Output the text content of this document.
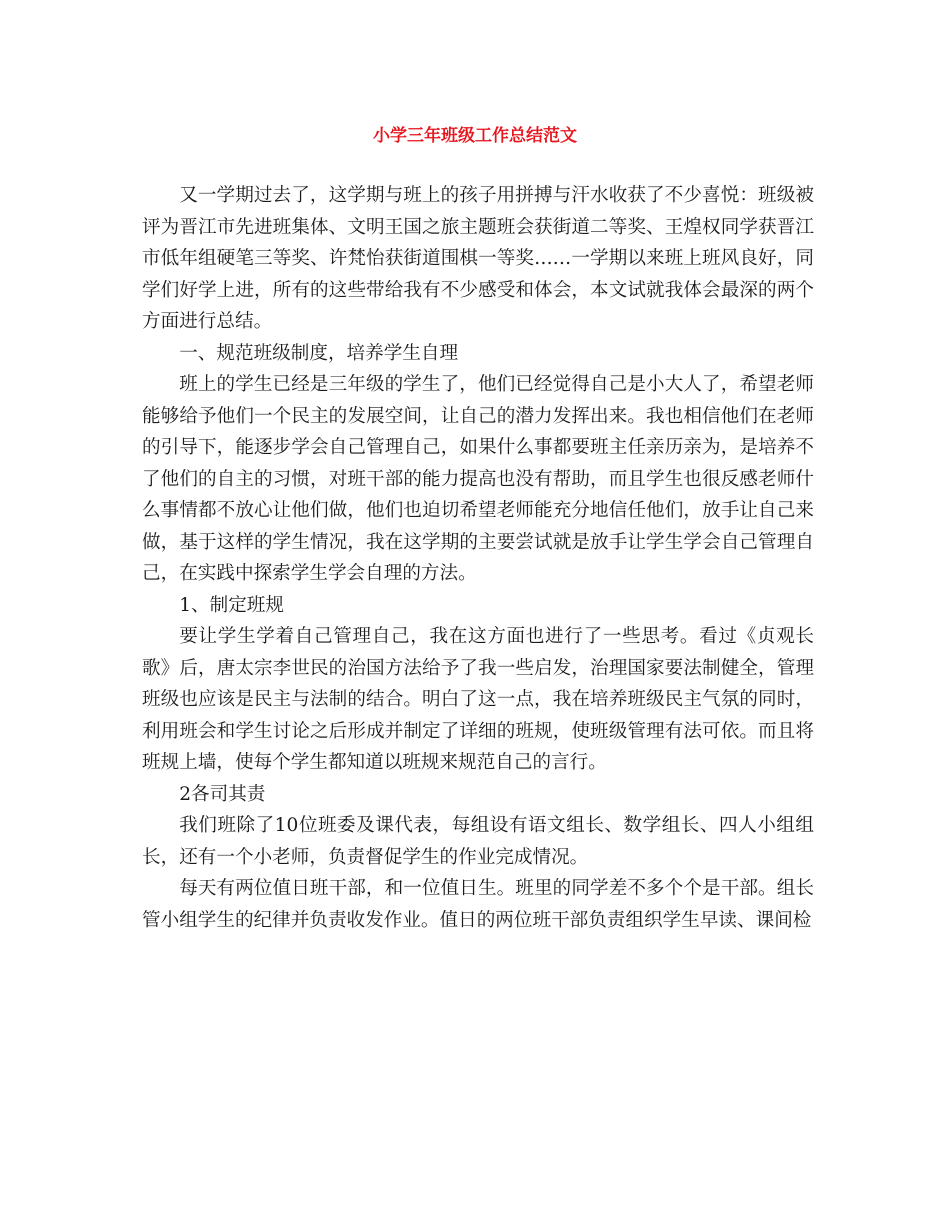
小学三年班级工作总结范文

又一学期过去了，这学期与班上的孩子用拼搏与汗水收获了不少喜悦：班级被评为晋江市先进班集体、文明王国之旅主题班会获街道二等奖、王煌权同学获晋江市低年组硬笔三等奖、许梵怡获街道围棋一等奖……一学期以来班上班风良好，同学们好学上进，所有的这些带给我有不少感受和体会，本文试就我体会最深的两个方面进行总结。

一、规范班级制度，培养学生自理

班上的学生已经是三年级的学生了，他们已经觉得自己是小大人了，希望老师能够给予他们一个民主的发展空间，让自己的潜力发挥出来。我也相信他们在老师的引导下，能逐步学会自己管理自己，如果什么事都要班主任亲历亲为，是培养不了他们的自主的习惯，对班干部的能力提高也没有帮助，而且学生也很反感老师什么事情都不放心让他们做，他们也迫切希望老师能充分地信任他们，放手让自己来做，基于这样的学生情况，我在这学期的主要尝试就是放手让学生学会自己管理自己，在实践中探索学生学会自理的方法。

1、制定班规

要让学生学着自己管理自己，我在这方面也进行了一些思考。看过《贞观长歌》后，唐太宗李世民的治国方法给予了我一些启发，治理国家要法制健全，管理班级也应该是民主与法制的结合。明白了这一点，我在培养班级民主气氛的同时，利用班会和学生讨论之后形成并制定了详细的班规，使班级管理有法可依。而且将班规上墙，使每个学生都知道以班规来规范自己的言行。

2各司其责

我们班除了10位班委及课代表，每组设有语文组长、数学组长、四人小组组长，还有一个小老师，负责督促学生的作业完成情况。

每天有两位值日班干部，和一位值日生。班里的同学差不多个个是干部。组长管小组学生的纪律并负责收发作业。值日的两位班干部负责组织学生早读、课间检
